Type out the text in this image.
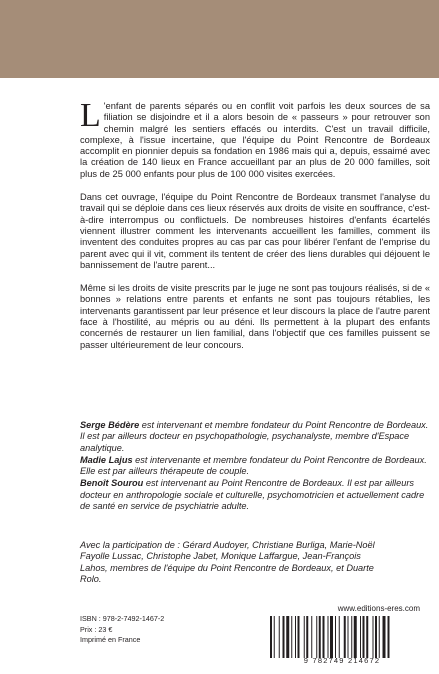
L 'enfant de parents séparés ou en conflit voit parfois les deux sources de sa filiation se disjoindre et il a alors besoin de « passeurs » pour retrouver son chemin malgré les sentiers effacés ou interdits. C'est un travail difficile, complexe, à l'issue incertaine, que l'équipe du Point Rencontre de Bordeaux accomplit en pionnier depuis sa fondation en 1986 mais qui a, depuis, essaimé avec la création de 140 lieux en France accueillant par an plus de 20 000 familles, soit plus de 25 000 enfants pour plus de 100 000 visites exercées.

Dans cet ouvrage, l'équipe du Point Rencontre de Bordeaux transmet l'analyse du travail qui se déploie dans ces lieux réservés aux droits de visite en souffrance, c'est-à-dire interrompus ou conflictuels. De nombreuses histoires d'enfants écartelés viennent illustrer comment les intervenants accueillent les familles, comment ils inventent des conduites propres au cas par cas pour libérer l'enfant de l'emprise du parent avec qui il vit, comment ils tentent de créer des liens durables qui déjouent le bannissement de l'autre parent...

Même si les droits de visite prescrits par le juge ne sont pas toujours réalisés, si de « bonnes » relations entre parents et enfants ne sont pas toujours rétablies, les intervenants garantissent par leur présence et leur discours la place de l'autre parent face à l'hostilité, au mépris ou au déni. Ils permettent à la plupart des enfants concernés de restaurer un lien familial, dans l'objectif que ces familles puissent se passer ultérieurement de leur concours.

Serge Bédère est intervenant et membre fondateur du Point Rencontre de Bordeaux. Il est par ailleurs docteur en psychopathologie, psychanalyste, membre d'Espace analytique.

Madie Lajus est intervenante et membre fondateur du Point Rencontre de Bordeaux. Elle est par ailleurs thérapeute de couple.

Benoît Sourou est intervenant au Point Rencontre de Bordeaux. Il est par ailleurs docteur en anthropologie sociale et culturelle, psychomotricien et actuellement cadre de santé en service de psychiatrie adulte.

Avec la participation de : Gérard Audoyer, Christiane Burliga, Marie-Noël Fayolle Lussac, Christophe Jabet, Monique Laffargue, Jean-François Lahos, membres de l'équipe du Point Rencontre de Bordeaux, et Duarte Rolo.
ISBN : 978-2-7492-1467-2
Prix : 23 €
Imprimé en France
www.editions-eres.com
9 782749 214672
